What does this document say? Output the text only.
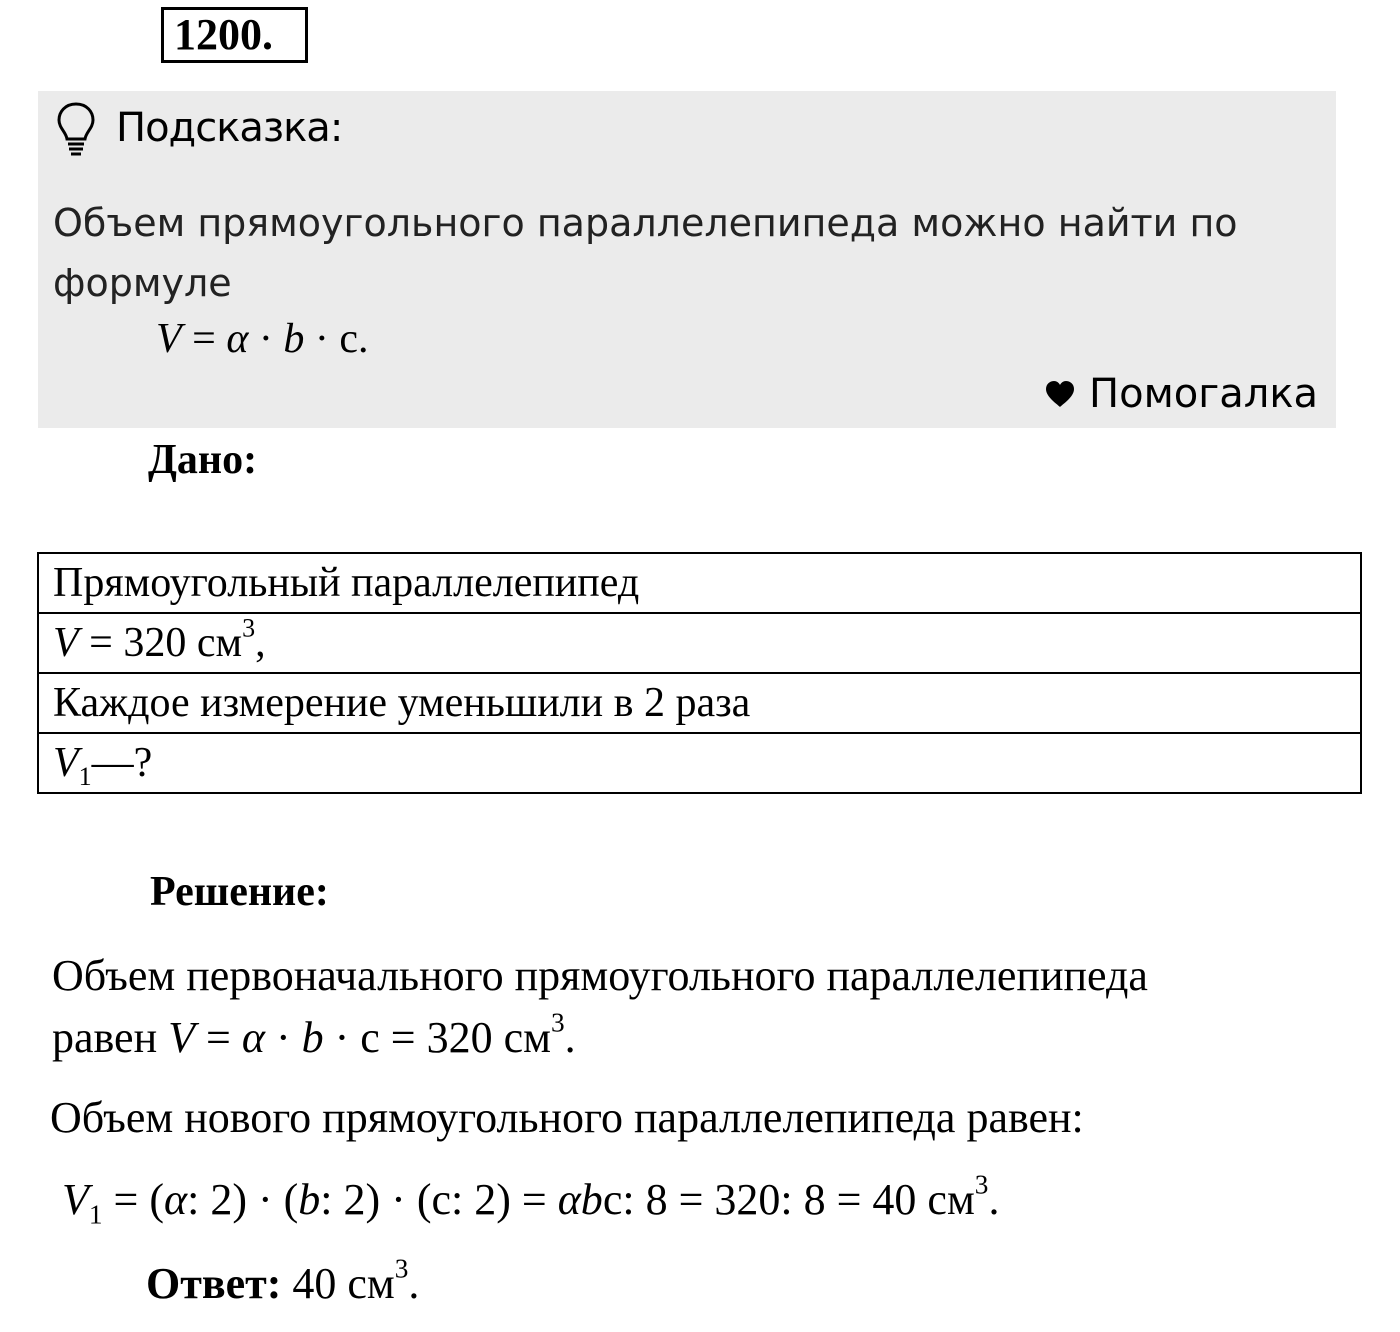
1200.
Подсказка:
Объем прямоугольного параллелепипеда можно найти по формуле
V = α · b · с.
Помогалка
Дано:
Прямоугольный параллелепипед
V = 320 $см^3$,
Каждое измерение уменьшили в 2 раза
$V_1—$?
Решение:
Объем первоначального прямоугольного параллелепипеда
равен V = α · b · с = 320 $см^3$.
Объем нового прямоугольного параллелепипеда равен:
$V_1 = (\alpha$: 2) · (b: 2) · (с: 2) = αbс: 8 = 320: 8 = 40 $см^3$.
Ответ: 40 $см^3$.
